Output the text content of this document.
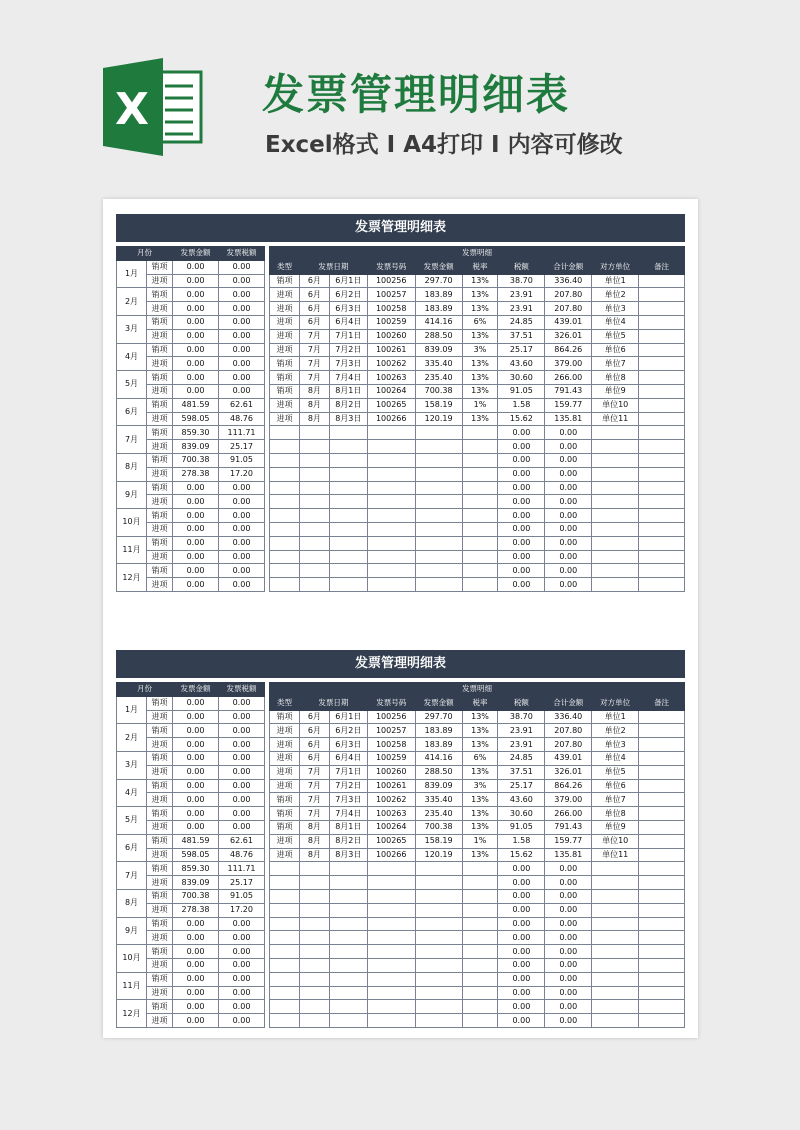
X	发票管理明细表
Excel格式 I A4打印 I 内容可修改
发票管理明细表
月份		发票金额	发票税额
1月	销项	0.00	0.00
	进项	0.00	0.00
2月	销项	0.00	0.00
	进项	0.00	0.00
3月	销项	0.00	0.00
	进项	0.00	0.00
4月	销项	0.00	0.00
	进项	0.00	0.00
5月	销项	0.00	0.00
	进项	0.00	0.00
6月	销项	481.59	62.61
	进项	598.05	48.76
7月	销项	859.30	111.71
	进项	839.09	25.17
8月	销项	700.38	91.05
	进项	278.38	17.20
9月	销项	0.00	0.00
	进项	0.00	0.00
10月	销项	0.00	0.00
	进项	0.00	0.00
11月	销项	0.00	0.00
	进项	0.00	0.00
12月	销项	0.00	0.00
	进项	0.00	0.00
发票明细									
类型	发票日期		发票号码	发票金额	税率	税额	合计金额	对方单位	备注
销项	6月	6月1日	100256	297.70	13%	38.70	336.40	单位1	
进项	6月	6月2日	100257	183.89	13%	23.91	207.80	单位2	
进项	6月	6月3日	100258	183.89	13%	23.91	207.80	单位3	
进项	6月	6月4日	100259	414.16	6%	24.85	439.01	单位4	
进项	7月	7月1日	100260	288.50	13%	37.51	326.01	单位5	
进项	7月	7月2日	100261	839.09	3%	25.17	864.26	单位6	
销项	7月	7月3日	100262	335.40	13%	43.60	379.00	单位7	
销项	7月	7月4日	100263	235.40	13%	30.60	266.00	单位8	
销项	8月	8月1日	100264	700.38	13%	91.05	791.43	单位9	
进项	8月	8月2日	100265	158.19	1%	1.58	159.77	单位10	
进项	8月	8月3日	100266	120.19	13%	15.62	135.81	单位11	
						0.00	0.00		
						0.00	0.00		
						0.00	0.00		
						0.00	0.00		
						0.00	0.00		
						0.00	0.00		
						0.00	0.00		
						0.00	0.00		
						0.00	0.00		
						0.00	0.00		
						0.00	0.00		
						0.00	0.00		
发票管理明细表
月份		发票金额	发票税额
1月	销项	0.00	0.00
	进项	0.00	0.00
2月	销项	0.00	0.00
	进项	0.00	0.00
3月	销项	0.00	0.00
	进项	0.00	0.00
4月	销项	0.00	0.00
	进项	0.00	0.00
5月	销项	0.00	0.00
	进项	0.00	0.00
6月	销项	481.59	62.61
	进项	598.05	48.76
7月	销项	859.30	111.71
	进项	839.09	25.17
8月	销项	700.38	91.05
	进项	278.38	17.20
9月	销项	0.00	0.00
	进项	0.00	0.00
10月	销项	0.00	0.00
	进项	0.00	0.00
11月	销项	0.00	0.00
	进项	0.00	0.00
12月	销项	0.00	0.00
	进项	0.00	0.00
发票明细									
类型	发票日期		发票号码	发票金额	税率	税额	合计金额	对方单位	备注
销项	6月	6月1日	100256	297.70	13%	38.70	336.40	单位1	
进项	6月	6月2日	100257	183.89	13%	23.91	207.80	单位2	
进项	6月	6月3日	100258	183.89	13%	23.91	207.80	单位3	
进项	6月	6月4日	100259	414.16	6%	24.85	439.01	单位4	
进项	7月	7月1日	100260	288.50	13%	37.51	326.01	单位5	
进项	7月	7月2日	100261	839.09	3%	25.17	864.26	单位6	
销项	7月	7月3日	100262	335.40	13%	43.60	379.00	单位7	
销项	7月	7月4日	100263	235.40	13%	30.60	266.00	单位8	
销项	8月	8月1日	100264	700.38	13%	91.05	791.43	单位9	
进项	8月	8月2日	100265	158.19	1%	1.58	159.77	单位10	
进项	8月	8月3日	100266	120.19	13%	15.62	135.81	单位11	
						0.00	0.00		
						0.00	0.00		
						0.00	0.00		
						0.00	0.00		
						0.00	0.00		
						0.00	0.00		
						0.00	0.00		
						0.00	0.00		
						0.00	0.00		
						0.00	0.00		
						0.00	0.00		
						0.00	0.00		
